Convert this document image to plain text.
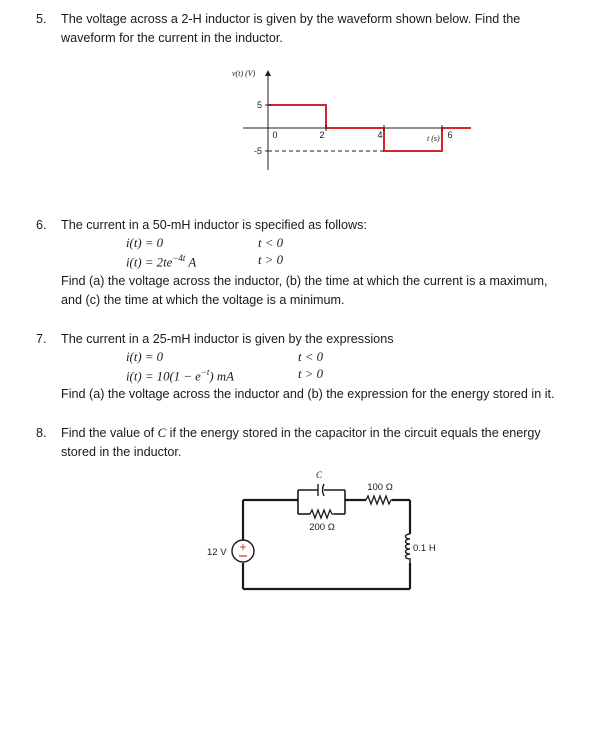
5. The voltage across a 2-H inductor is given by the waveform shown below. Find the
waveform for the current in the inductor.
v(t) (V)
t (s)
5
-5
0	2	4	6
6. The current in a 50-mH inductor is specified as follows:
i(t) = 0	t < 0
$i(t) = 2te^{-4t}$ A	t > 0
Find (a) the voltage across the inductor, (b) the time at which the current is a maximum,
and (c) the time at which the voltage is a minimum.
7. The current in a 25-mH inductor is given by the expressions
i(t) = 0	t < 0
$i(t) = 10(1 - e^{-t})$ mA	t > 0
Find (a) the voltage across the inductor and (b) the expression for the energy stored in it.
8. Find the value of C if the energy stored in the capacitor in the circuit equals the energy
stored in the inductor.
C
200 Ω
100 Ω
+
12 V	0.1 H
